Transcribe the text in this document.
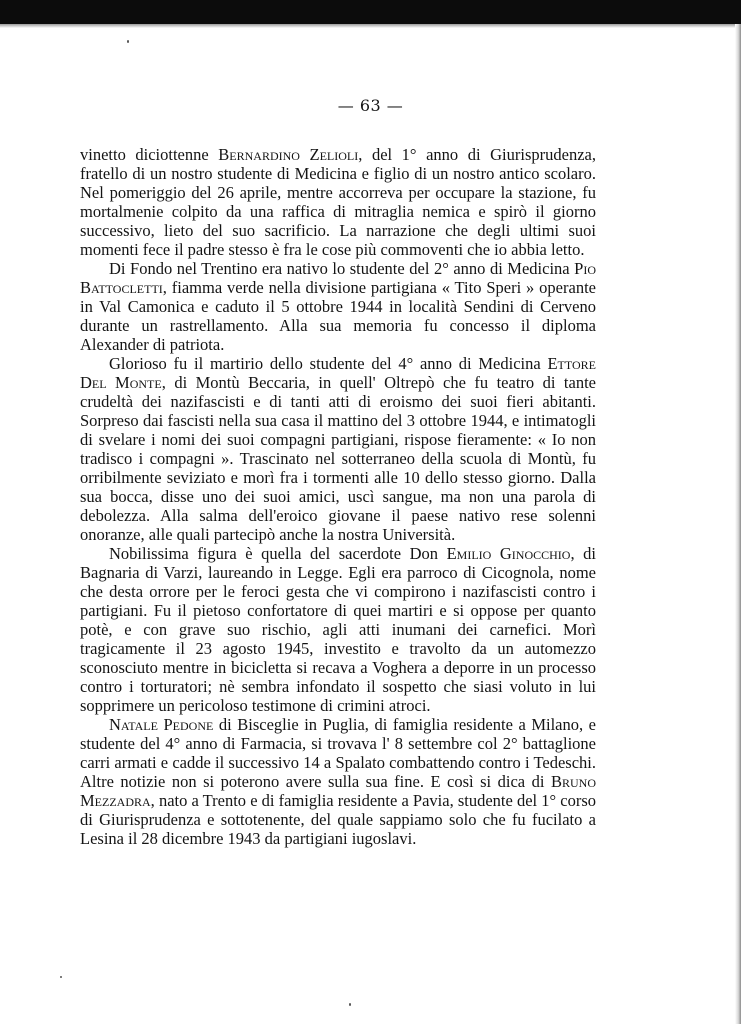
— 63 —

vinetto diciottenne Bernardino Zelioli, del 1° anno di Giurisprudenza, fratello di un nostro studente di Medicina e figlio di un nostro antico scolaro. Nel pomeriggio del 26 aprile, mentre accorreva per occupare la stazione, fu mortalmenie colpito da una raffica di mitraglia nemica e spirò il giorno successivo, lieto del suo sacrificio. La narrazione che degli ultimi suoi momenti fece il padre stesso è fra le cose più commoventi che io abbia letto.

Di Fondo nel Trentino era nativo lo studente del 2° anno di Medicina Pio Battocletti, fiamma verde nella divisione partigiana « Tito Speri » operante in Val Camonica e caduto il 5 ottobre 1944 in località Sendini di Cerveno durante un rastrellamento. Alla sua memoria fu concesso il diploma Alexander di patriota.

Glorioso fu il martirio dello studente del 4° anno di Medicina Ettore Del Monte, di Montù Beccaria, in quell' Oltrepò che fu teatro di tante crudeltà dei nazifascisti e di tanti atti di eroismo dei suoi fieri abitanti. Sorpreso dai fascisti nella sua casa il mattino del 3 ottobre 1944, e intimatogli di svelare i nomi dei suoi compagni partigiani, rispose fieramente: « Io non tradisco i compagni ». Trascinato nel sotterraneo della scuola di Montù, fu orribilmente seviziato e morì fra i tormenti alle 10 dello stesso giorno. Dalla sua bocca, disse uno dei suoi amici, uscì sangue, ma non una parola di debolezza. Alla salma dell'eroico giovane il paese nativo rese solenni onoranze, alle quali partecipò anche la nostra Università.

Nobilissima figura è quella del sacerdote Don Emilio Ginocchio, di Bagnaria di Varzi, laureando in Legge. Egli era parroco di Cicognola, nome che desta orrore per le feroci gesta che vi compirono i nazifascisti contro i partigiani. Fu il pietoso confortatore di quei martiri e si oppose per quanto potè, e con grave suo rischio, agli atti inumani dei carnefici. Morì tragicamente il 23 agosto 1945, investito e travolto da un automezzo sconosciuto mentre in bicicletta si recava a Voghera a deporre in un processo contro i torturatori; nè sembra infondato il sospetto che siasi voluto in lui sopprimere un pericoloso testimone di crimini atroci.

Natale Pedone di Bisceglie in Puglia, di famiglia residente a Milano, e studente del 4° anno di Farmacia, si trovava l' 8 settembre col 2° battaglione carri armati e cadde il successivo 14 a Spalato combattendo contro i Tedeschi. Altre notizie non si poterono avere sulla sua fine. E così si dica di Bruno Mezzadra, nato a Trento e di famiglia residente a Pavia, studente del 1° corso di Giurisprudenza e sottotenente, del quale sappiamo solo che fu fucilato a Lesina il 28 dicembre 1943 da partigiani iugoslavi.
